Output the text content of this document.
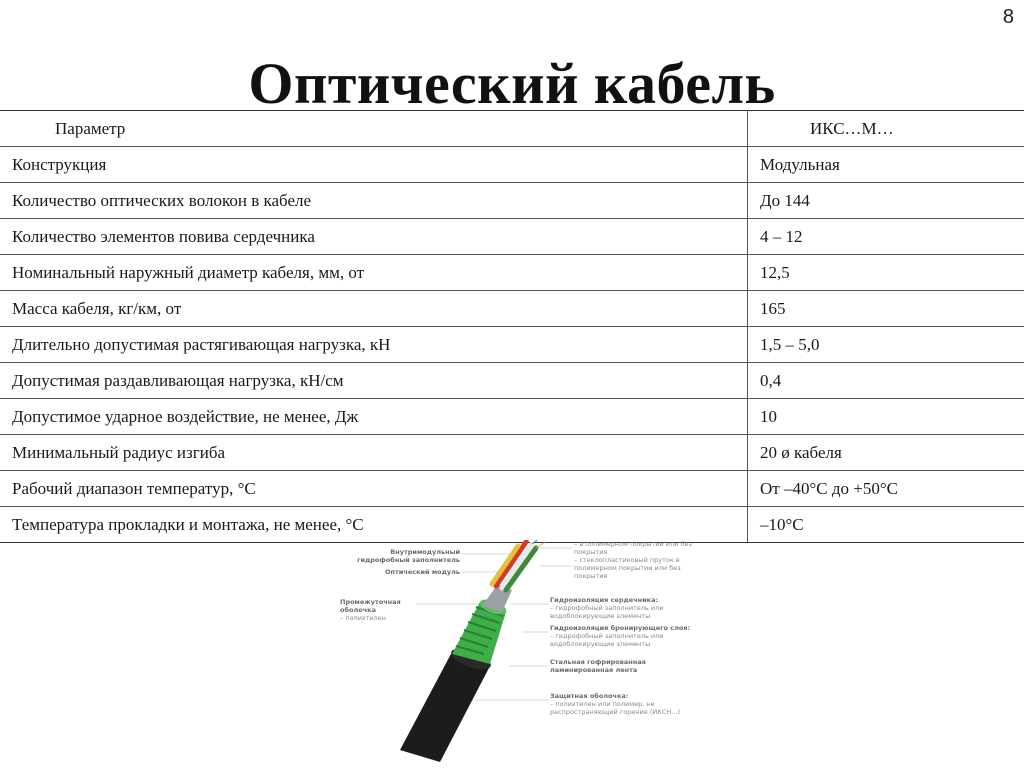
8
Оптический кабель
Параметр	ИКС…М…
Конструкция	Модульная
Количество оптических волокон в кабеле	До 144
Количество элементов повива сердечника	4 – 12
Номинальный наружный диаметр кабеля, мм, от	12,5
Масса кабеля, кг/км, от	165
Длительно допустимая растягивающая нагрузка, кН	1,5 – 5,0
Допустимая раздавливающая нагрузка, кН/см	0,4
Допустимое ударное воздействие, не менее, Дж	10
Минимальный радиус изгиба	20 ø кабеля
Рабочий диапазон температур, °С	От –40°С до +50°С
Температура прокладки и монтажа, не менее, °С	–10°С
Внутримодульный гидрофобный заполнитель
Оптический модуль
Промежуточная оболочка
– полиэтилен
– в полимерном покрытии или без покрытия
– стеклопластиковый пруток в полимерном покрытии или без покрытия
Гидроизоляция сердечника:
– гидрофобный заполнитель или водоблокирующие элементы
Гидроизоляция бронирующего слоя:
– гидрофобный заполнитель или водоблокирующие элементы
Стальная гофрированная ламинированная лента
Защитная оболочка:
– полиэтилен или полимер, не распространяющий горение (ИКСН...)
